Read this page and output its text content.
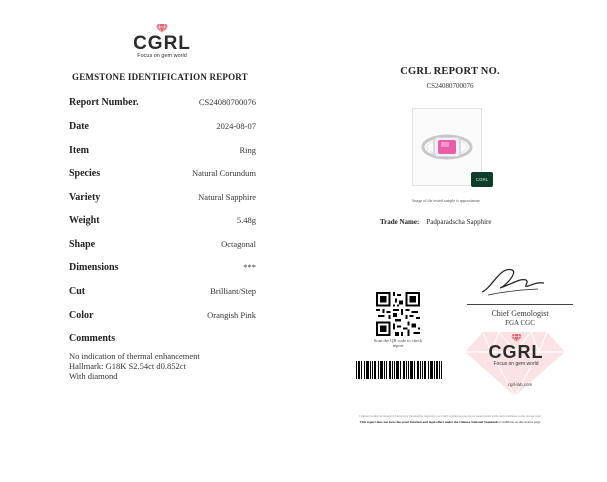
CGRL
Focus on gem world
GEMSTONE IDENTIFICATION REPORT
Report Number.	CS24080700076
Date	2024-08-07
Item	Ring
Species	Natural Corundum
Variety	Natural Sapphire
Weight	5.48g
Shape	Octagonal
Dimensions	***
Cut	Brilliant/Step
Color	Orangish Pink
Comments
No indication of thermal enhancement
Hallmark: G18K S2.54ct d0.852ct
With diamond
CGRL REPORT NO.
CS24080700076
CGRL
Image of the tested sample is approximate
Trade Name: Padparadscha Sapphire
Scan the QR code to check report
Chief Gemologist
FGA CGC
CGRL
Focus on gem world
cgrl-lab.com
Cultured Gemstone Research Laboratory (hereinafter referred to as CGRL) gemstone reports are issued under terms and conditions on the reverse page
This report does not have the proof function and legal effect under the Chinese National Standards Conditions on the reverse page
